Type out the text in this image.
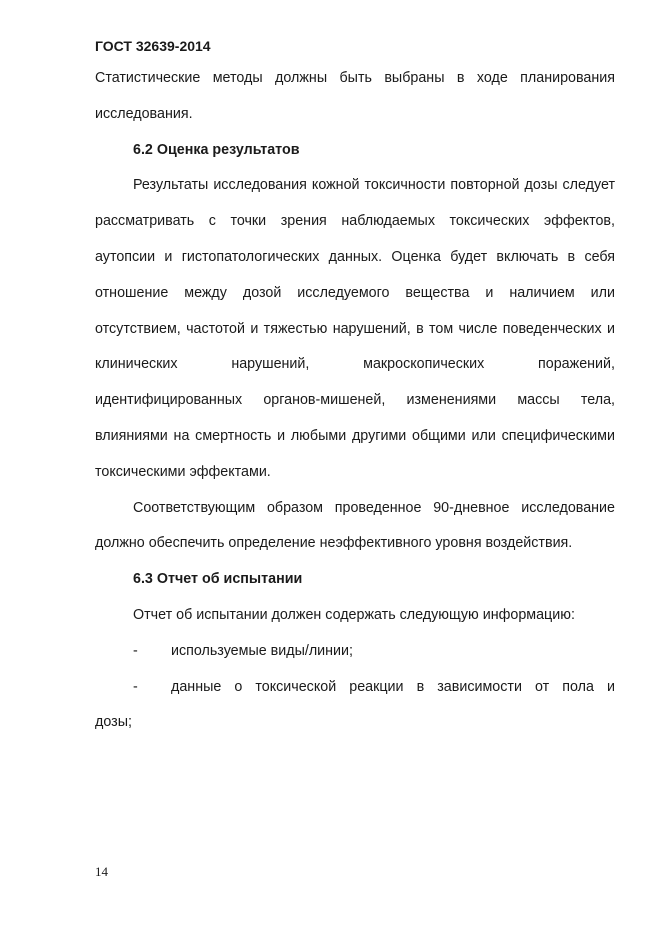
ГОСТ 32639-2014

Статистические методы должны быть выбраны в ходе планирования исследования.

6.2 Оценка результатов

Результаты исследования кожной токсичности повторной дозы следует рассматривать с точки зрения наблюдаемых токсических эффектов, аутопсии и гистопатологических данных. Оценка будет включать в себя отношение между дозой исследуемого вещества и наличием или отсутствием, частотой и тяжестью нарушений, в том числе поведенческих и клинических нарушений, макроскопических поражений, идентифицированных органов-мишеней, изменениями массы тела, влияниями на смертность и любыми другими общими или специфическими токсическими эффектами.

Соответствующим образом проведенное 90-дневное исследование должно обеспечить определение неэффективного уровня воздействия.

6.3 Отчет об испытании

Отчет об испытании должен содержать следующую информацию:

-	используемые виды/линии;
-	данные о токсической реакции в зависимости от пола и

дозы;

14
